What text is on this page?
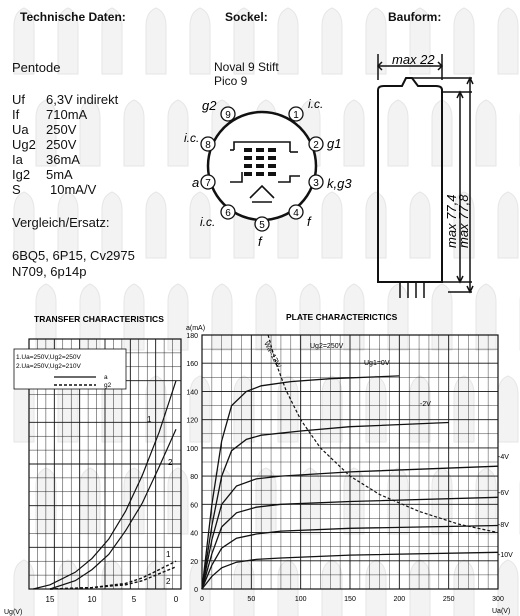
Technische Daten:	Sockel:	Bauform:
Pentode
Uf 6,3V indirekt
If 710mA
Ua 250V
Ug2 250V
Ia 36mA
Ig2 5mA
S 10mA/V
Vergleich/Ersatz:
6BQ5, 6P15, Cv2975
N709, 6p14p
Noval 9 Stift
Pico 9
1
i.c.
2 g1
3 k,g3
4
f
5
f
6
i.c.
7
a
8
i.c.
9
g2
max 22
max 77,4
max 77,8
TRANSFER CHARACTERISTICS
1.Ua=250V,Ug2=250V
2.Ua=250V,Ug2=210V
a
g2
15	10	5	0
Ug(V)
1
2
1
2
PLATE CHARACTERICTICS
a(mA)
180
160
140
120
100
80
60
40
20
0
0	50	100	150	200	250	300
Ua(V)
Ug2=250V
Wa=12W	Ug1=0V
-2V
-4V
-6V
-8V
-10V
